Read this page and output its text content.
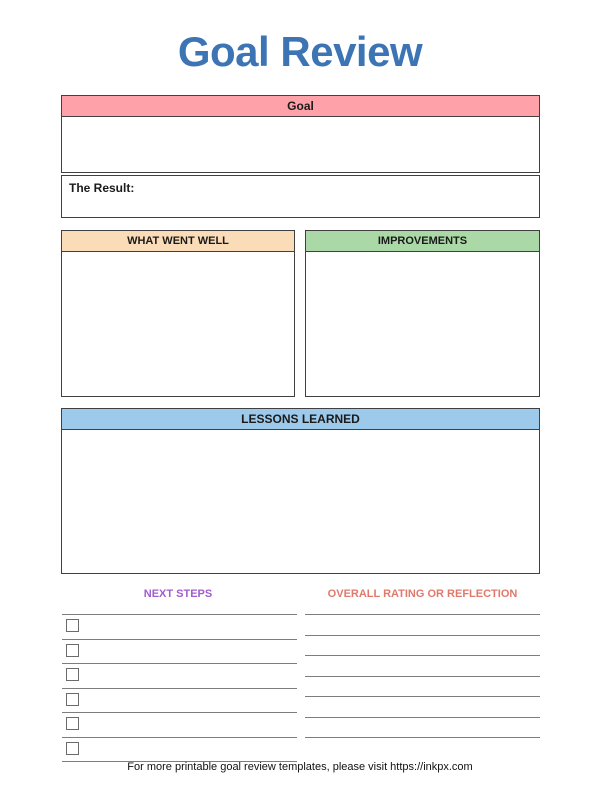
Goal Review
Goal
The Result:
WHAT WENT WELL	IMPROVEMENTS
LESSONS LEARNED
NEXT STEPS	OVERALL RATING OR REFLECTION
For more printable goal review templates, please visit https://inkpx.com
